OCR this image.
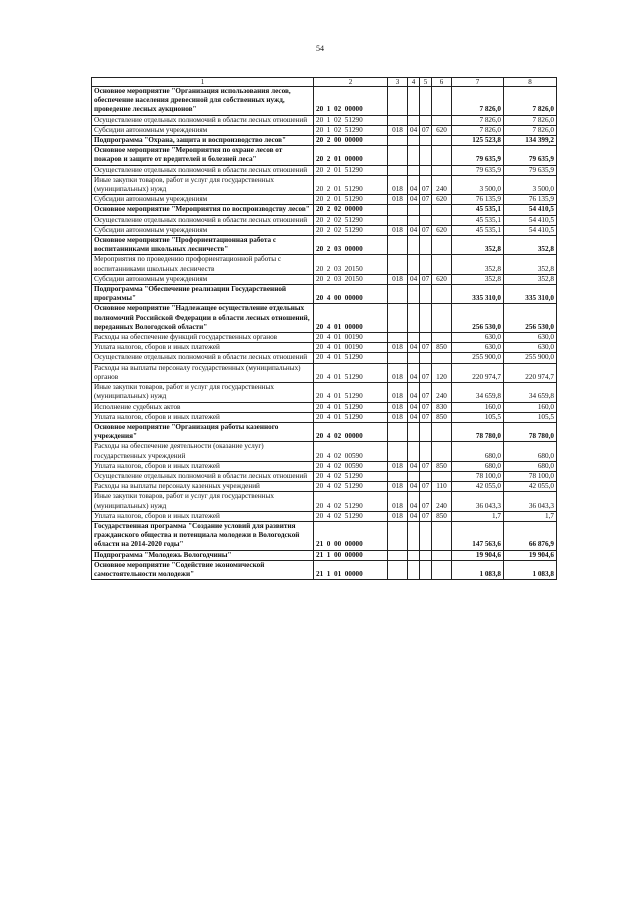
54
1	2	3	4	5	6	7	8
Основное мероприятие "Организация использования лесов, обеспечение населения древесиной для собственных нужд, проведение лесных аукционов"	20  1  02  00000					7 826,0	7 826,0
Осуществление отдельных полномочий в области лесных отношений	20  1  02  51290					7 826,0	7 826,0
Субсидии автономным учреждениям	20  1  02  51290	018	04	07	620	7 826,0	7 826,0
Подпрограмма "Охрана, защита и воспроизводство лесов"	20  2  00  00000					125 523,8	134 399,2
Основное мероприятие "Мероприятия по охране лесов от пожаров и защите от вредителей и болезней леса"	20  2  01  00000					79 635,9	79 635,9
Осуществление отдельных полномочий в области лесных отношений	20  2  01  51290					79 635,9	79 635,9
Иные закупки товаров, работ и услуг для государственных (муниципальных) нужд	20  2  01  51290	018	04	07	240	3 500,0	3 500,0
Субсидии автономным учреждениям	20  2  01  51290	018	04	07	620	76 135,9	76 135,9
Основное мероприятие "Мероприятия по воспроизводству лесов"	20  2  02  00000					45 535,1	54 410,5
Осуществление отдельных полномочий в области лесных отношений	20  2  02  51290					45 535,1	54 410,5
Субсидии автономным учреждениям	20  2  02  51290	018	04	07	620	45 535,1	54 410,5
Основное мероприятие "Профориентационная работа с воспитанниками школьных лесничеств"	20  2  03  00000					352,8	352,8
Мероприятия по проведению профориентационной работы с воспитанниками школьных лесничеств	20  2  03  20150					352,8	352,8
Субсидии автономным учреждениям	20  2  03  20150	018	04	07	620	352,8	352,8
Подпрограмма "Обеспечение реализации Государственной программы"	20  4  00  00000					335 310,0	335 310,0
Основное мероприятие "Надлежащее осуществление отдельных полномочий Российской Федерации в области лесных отношений, переданных Вологодской области"	20  4  01  00000					256 530,0	256 530,0
Расходы на обеспечение функций государственных органов	20  4  01  00190					630,0	630,0
Уплата налогов, сборов и иных платежей	20  4  01  00190	018	04	07	850	630,0	630,0
Осуществление отдельных полномочий в области лесных отношений	20  4  01  51290					255 900,0	255 900,0
Расходы на выплаты персоналу государственных (муниципальных) органов	20  4  01  51290	018	04	07	120	220 974,7	220 974,7
Иные закупки товаров, работ и услуг для государственных (муниципальных) нужд	20  4  01  51290	018	04	07	240	34 659,8	34 659,8
Исполнение судебных актов	20  4  01  51290	018	04	07	830	160,0	160,0
Уплата налогов, сборов и иных платежей	20  4  01  51290	018	04	07	850	105,5	105,5
Основное мероприятие "Организация работы казенного учреждения"	20  4  02  00000					78 780,0	78 780,0
Расходы на обеспечение деятельности (оказание услуг) государственных учреждений	20  4  02  00590					680,0	680,0
Уплата налогов, сборов и иных платежей	20  4  02  00590	018	04	07	850	680,0	680,0
Осуществление отдельных полномочий в области лесных отношений	20  4  02  51290					78 100,0	78 100,0
Расходы на выплаты персоналу казенных учреждений	20  4  02  51290	018	04	07	110	42 055,0	42 055,0
Иные закупки товаров, работ и услуг для государственных (муниципальных) нужд	20  4  02  51290	018	04	07	240	36 043,3	36 043,3
Уплата налогов, сборов и иных платежей	20  4  02  51290	018	04	07	850	1,7	1,7
Государственная программа "Создание условий для развития гражданского общества и потенциала молодежи в Вологодской области на 2014-2020 годы"	21  0  00  00000					147 563,6	66 876,9
Подпрограмма "Молодежь Вологодчины"	21  1  00  00000					19 904,6	19 904,6
Основное мероприятие "Содействие экономической самостоятельности молодежи"	21  1  01  00000					1 083,8	1 083,8
